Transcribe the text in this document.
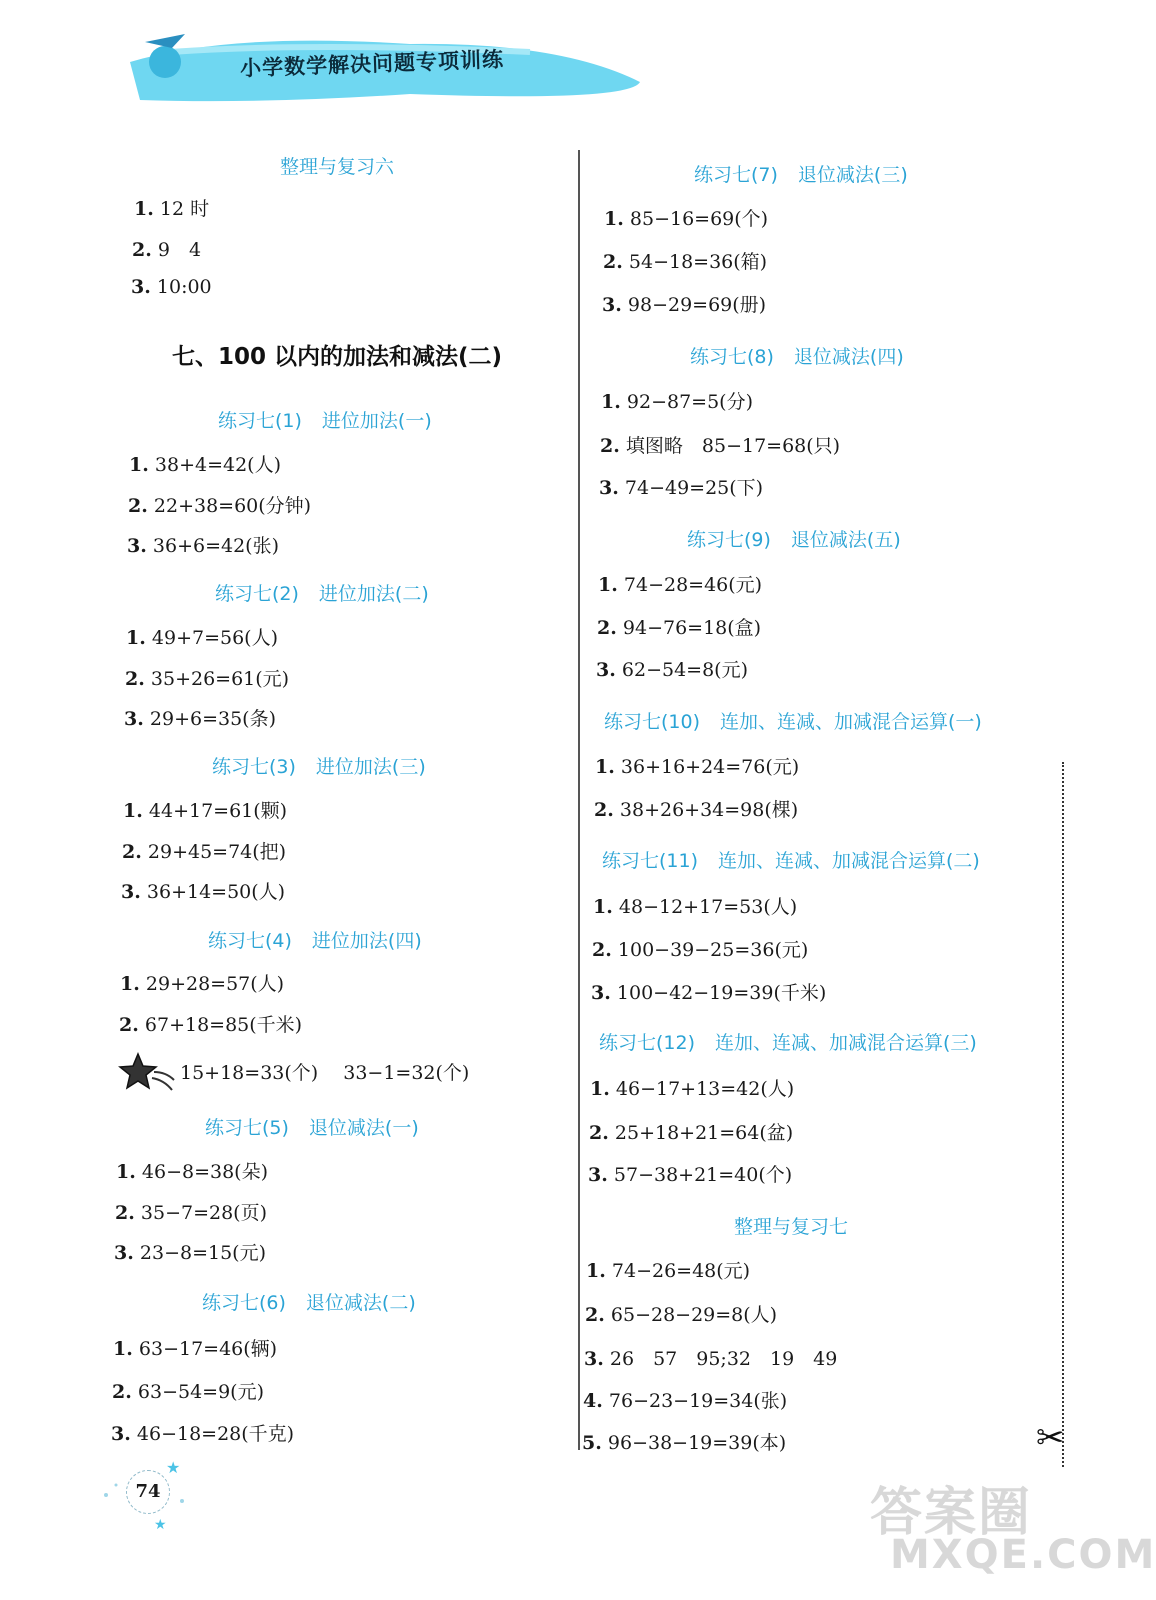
小学数学解决问题专项训练
整理与复习六
1. 12 时
2. 9　4
3. 10:00
七、100 以内的加法和减法(二)
练习七(1) 进位加法(一)
1. 38+4=42(人)
2. 22+38=60(分钟)
3. 36+6=42(张)
练习七(2) 进位加法(二)
1. 49+7=56(人)
2. 35+26=61(元)
3. 29+6=35(条)
练习七(3) 进位加法(三)
1. 44+17=61(颗)
2. 29+45=74(把)
3. 36+14=50(人)
练习七(4) 进位加法(四)
1. 29+28=57(人)
2. 67+18=85(千米)
15+18=33(个)　 33−1=32(个)
练习七(5) 退位减法(一)
1. 46−8=38(朵)
2. 35−7=28(页)
3. 23−8=15(元)
练习七(6) 退位减法(二)
1. 63−17=46(辆)
2. 63−54=9(元)
3. 46−18=28(千克)
练习七(7) 退位减法(三)
1. 85−16=69(个)
2. 54−18=36(箱)
3. 98−29=69(册)
练习七(8) 退位减法(四)
1. 92−87=5(分)
2. 填图略　85−17=68(只)
3. 74−49=25(下)
练习七(9) 退位减法(五)
1. 74−28=46(元)
2. 94−76=18(盒)
3. 62−54=8(元)
练习七(10) 连加、连减、加减混合运算(一)
1. 36+16+24=76(元)
2. 38+26+34=98(棵)
练习七(11) 连加、连减、加减混合运算(二)
1. 48−12+17=53(人)
2. 100−39−25=36(元)
3. 100−42−19=39(千米)
练习七(12) 连加、连减、加减混合运算(三)
1. 46−17+13=42(人)
2. 25+18+21=64(盆)
3. 57−38+21=40(个)
整理与复习七
1. 74−26=48(元)
2. 65−28−29=8(人)
3. 26　57　95;32　19　49
4. 76−23−19=34(张)
5. 96−38−19=39(本)	✂
★
★
74	答案圈
MXQE.COM
